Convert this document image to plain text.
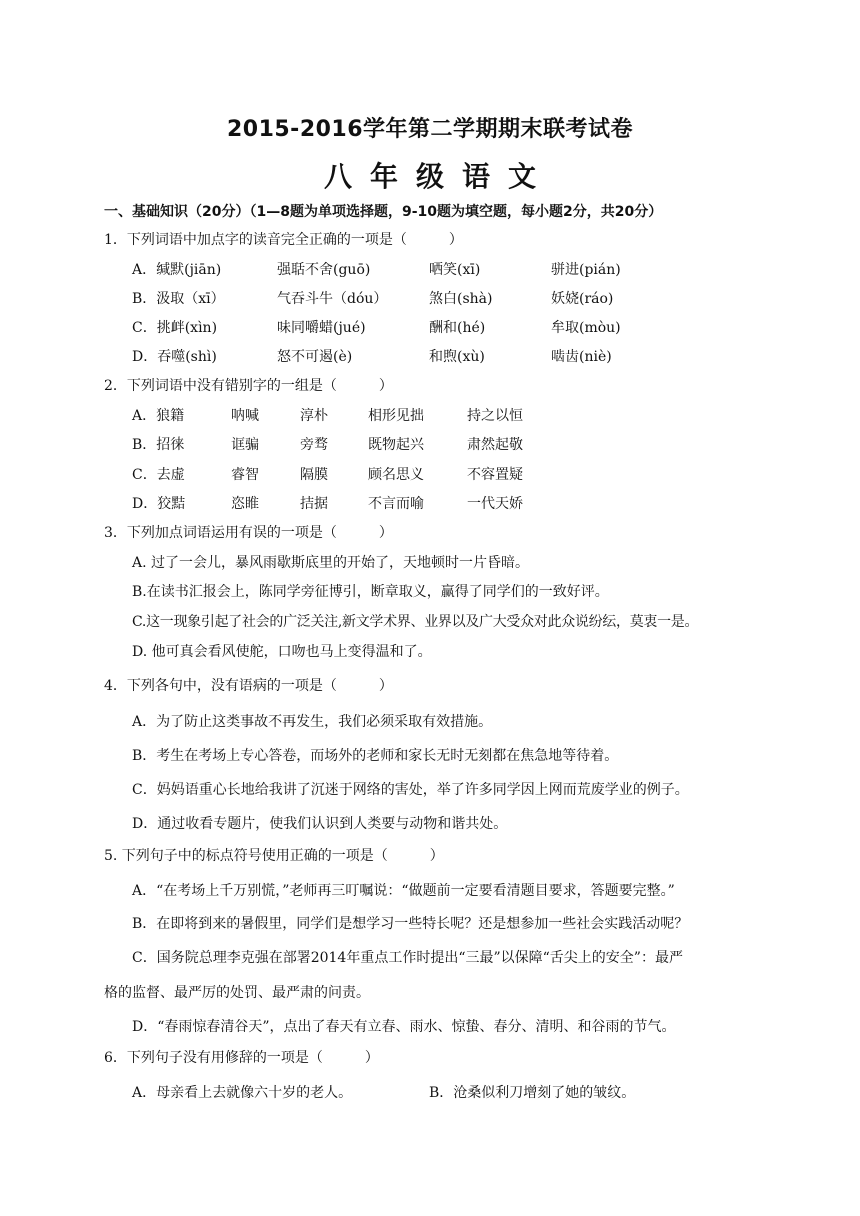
2015-2016学年第二学期期末联考试卷
八年级语文
一、基础知识（20分）（1—8题为单项选择题，9-10题为填空题，每小题2分，共20分）
1．下列词语中加点字的读音完全正确的一项是（　　　）
A．缄默(jiān)	强聒不舍(guō)	哂笑(xī)	骈进(pián)
B．汲取（xī）	气吞斗牛（dóu）	煞白(shà)	妖娆(ráo)
C．挑衅(xìn)	味同嚼蜡(jué)	酬和(hé)	牟取(mòu)
D．吞噬(shì)	怒不可遏(è)	和煦(xù)	啮齿(niè)
2．下列词语中没有错别字的一组是（　　　）
A．狼籍	呐喊	淳朴	相形见拙	持之以恒
B．招徕	诓骗	旁骛	既物起兴	肃然起敬
C．去虚	睿智	隔膜	顾名思义	不容置疑
D．狡黠	恣睢	拮据	不言而喻	一代天娇
3．下列加点词语运用有误的一项是（　　　）
A. 过了一会儿，暴风雨歇斯底里的开始了，天地顿时一片昏暗。
B.在读书汇报会上，陈同学旁征博引，断章取义，赢得了同学们的一致好评。
C.这一现象引起了社会的广泛关注,新文学术界、业界以及广大受众对此众说纷纭，莫衷一是。
D. 他可真会看风使舵，口吻也马上变得温和了。
4．下列各句中，没有语病的一项是（　　　）
A．为了防止这类事故不再发生，我们必须采取有效措施。
B．考生在考场上专心答卷，而场外的老师和家长无时无刻都在焦急地等待着。
C．妈妈语重心长地给我讲了沉迷于网络的害处，举了许多同学因上网而荒废学业的例子。
D．通过收看专题片，使我们认识到人类要与动物和谐共处。
5. 下列句子中的标点符号使用正确的一项是（　　　）
A．“在考场上千万别慌，”老师再三叮嘱说：“做题前一定要看清题目要求，答题要完整。”
B．在即将到来的暑假里，同学们是想学习一些特长呢？还是想参加一些社会实践活动呢？
C．国务院总理李克强在部署2014年重点工作时提出“三最”以保障“舌尖上的安全”：最严
格的监督、最严厉的处罚、最严肃的问责。
D．“春雨惊春清谷天”，点出了春天有立春、雨水、惊蛰、春分、清明、和谷雨的节气。
6．下列句子没有用修辞的一项是（　　　）
A．母亲看上去就像六十岁的老人。	B．沧桑似利刀增刻了她的皱纹。
